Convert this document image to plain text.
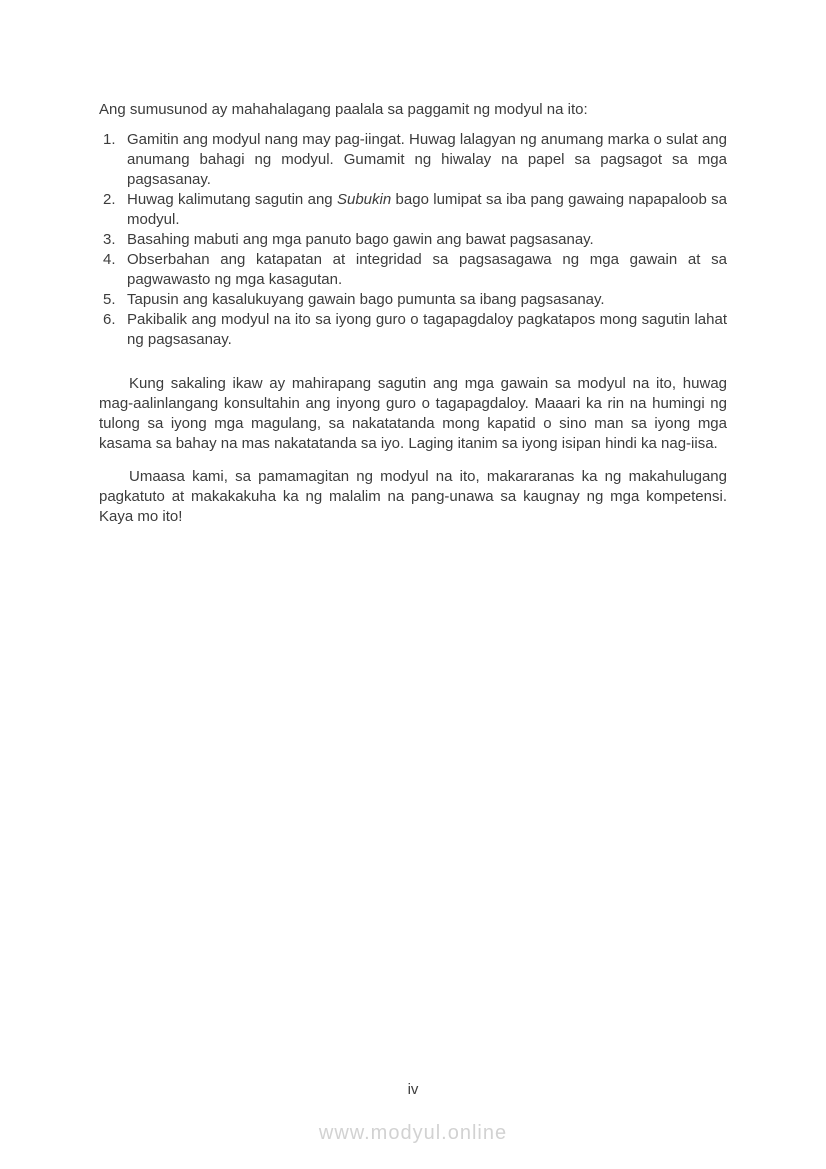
Ang sumusunod ay mahahalagang paalala sa paggamit ng modyul na ito:

1. Gamitin ang modyul nang may pag-iingat. Huwag lalagyan ng anumang marka o sulat ang anumang bahagi ng modyul. Gumamit ng hiwalay na papel sa pagsagot sa mga pagsasanay.
2. Huwag kalimutang sagutin ang Subukin bago lumipat sa iba pang gawaing napapaloob sa modyul.
3. Basahing mabuti ang mga panuto bago gawin ang bawat pagsasanay.
4. Obserbahan ang katapatan at integridad sa pagsasagawa ng mga gawain at sa pagwawasto ng mga kasagutan.
5. Tapusin ang kasalukuyang gawain bago pumunta sa ibang pagsasanay.
6. Pakibalik ang modyul na ito sa iyong guro o tagapagdaloy pagkatapos mong sagutin lahat ng pagsasanay.

Kung sakaling ikaw ay mahirapang sagutin ang mga gawain sa modyul na ito, huwag mag-aalinlangang konsultahin ang inyong guro o tagapagdaloy. Maaari ka rin na humingi ng tulong sa iyong mga magulang, sa nakatatanda mong kapatid o sino man sa iyong mga kasama sa bahay na mas nakatatanda sa iyo. Laging itanim sa iyong isipan hindi ka nag-iisa.

Umaasa kami, sa pamamagitan ng modyul na ito, makararanas ka ng makahulugang pagkatuto at makakakuha ka ng malalim na pang-unawa sa kaugnay ng mga kompetensi. Kaya mo ito!

iv
www.modyul.online
